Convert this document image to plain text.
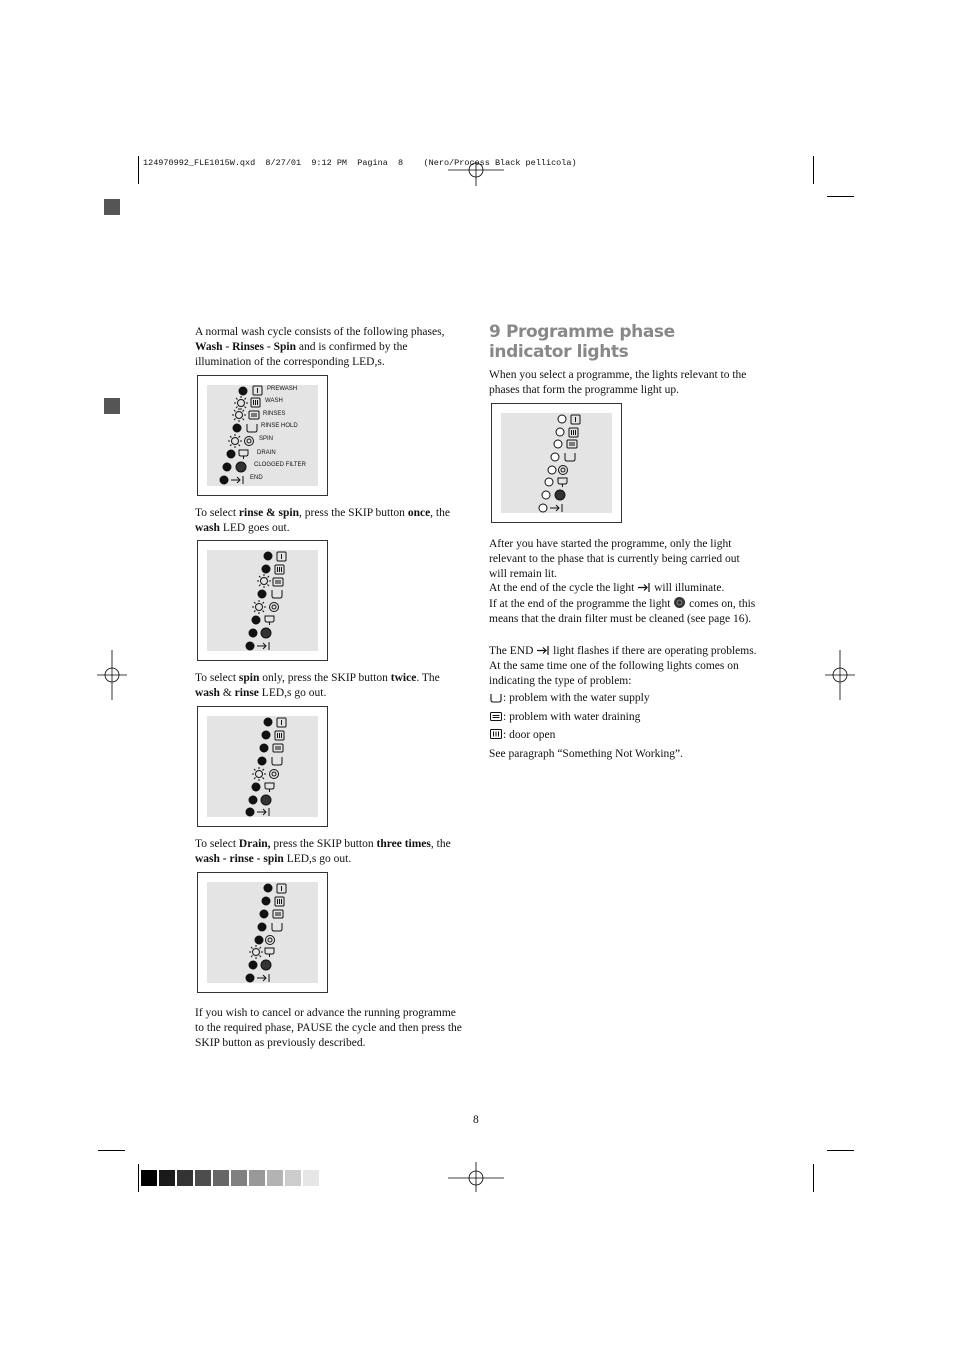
124970992_FLE1015W.qxd  8/27/01  9:12 PM  Pagina  8    (Nero/Process Black pellicola)
A normal wash cycle consists of the following phases, Wash - Rinses - Spin and is confirmed by the illumination of the corresponding LED,s.
PREWASH
WASH
RINSES
RINSE HOLD
SPIN
DRAIN
CLOGGED FILTER
END
To select rinse & spin, press the SKIP button once, the wash LED goes out.
To select spin only, press the SKIP button twice. The wash & rinse LED,s go out.
To select Drain, press the SKIP button three times, the wash - rinse - spin LED,s go out.
If you wish to cancel or advance the running programme to the required phase, PAUSE the cycle and then press the SKIP button as previously described.
9 Programme phase indicator lights
When you select a programme, the lights relevant to the phases that form the programme light up.
After you have started the programme, only the light relevant to the phase that is currently being carried out will remain lit.
At the end of the cycle the light  will illuminate.
If at the end of the programme the light  comes on, this means that the drain filter must be cleaned (see page 16).
The END  light flashes if there are operating problems. At the same time one of the following lights comes on indicating the type of problem:
: problem with the water supply
: problem with water draining
: door open
See paragraph “Something Not Working”.
8
